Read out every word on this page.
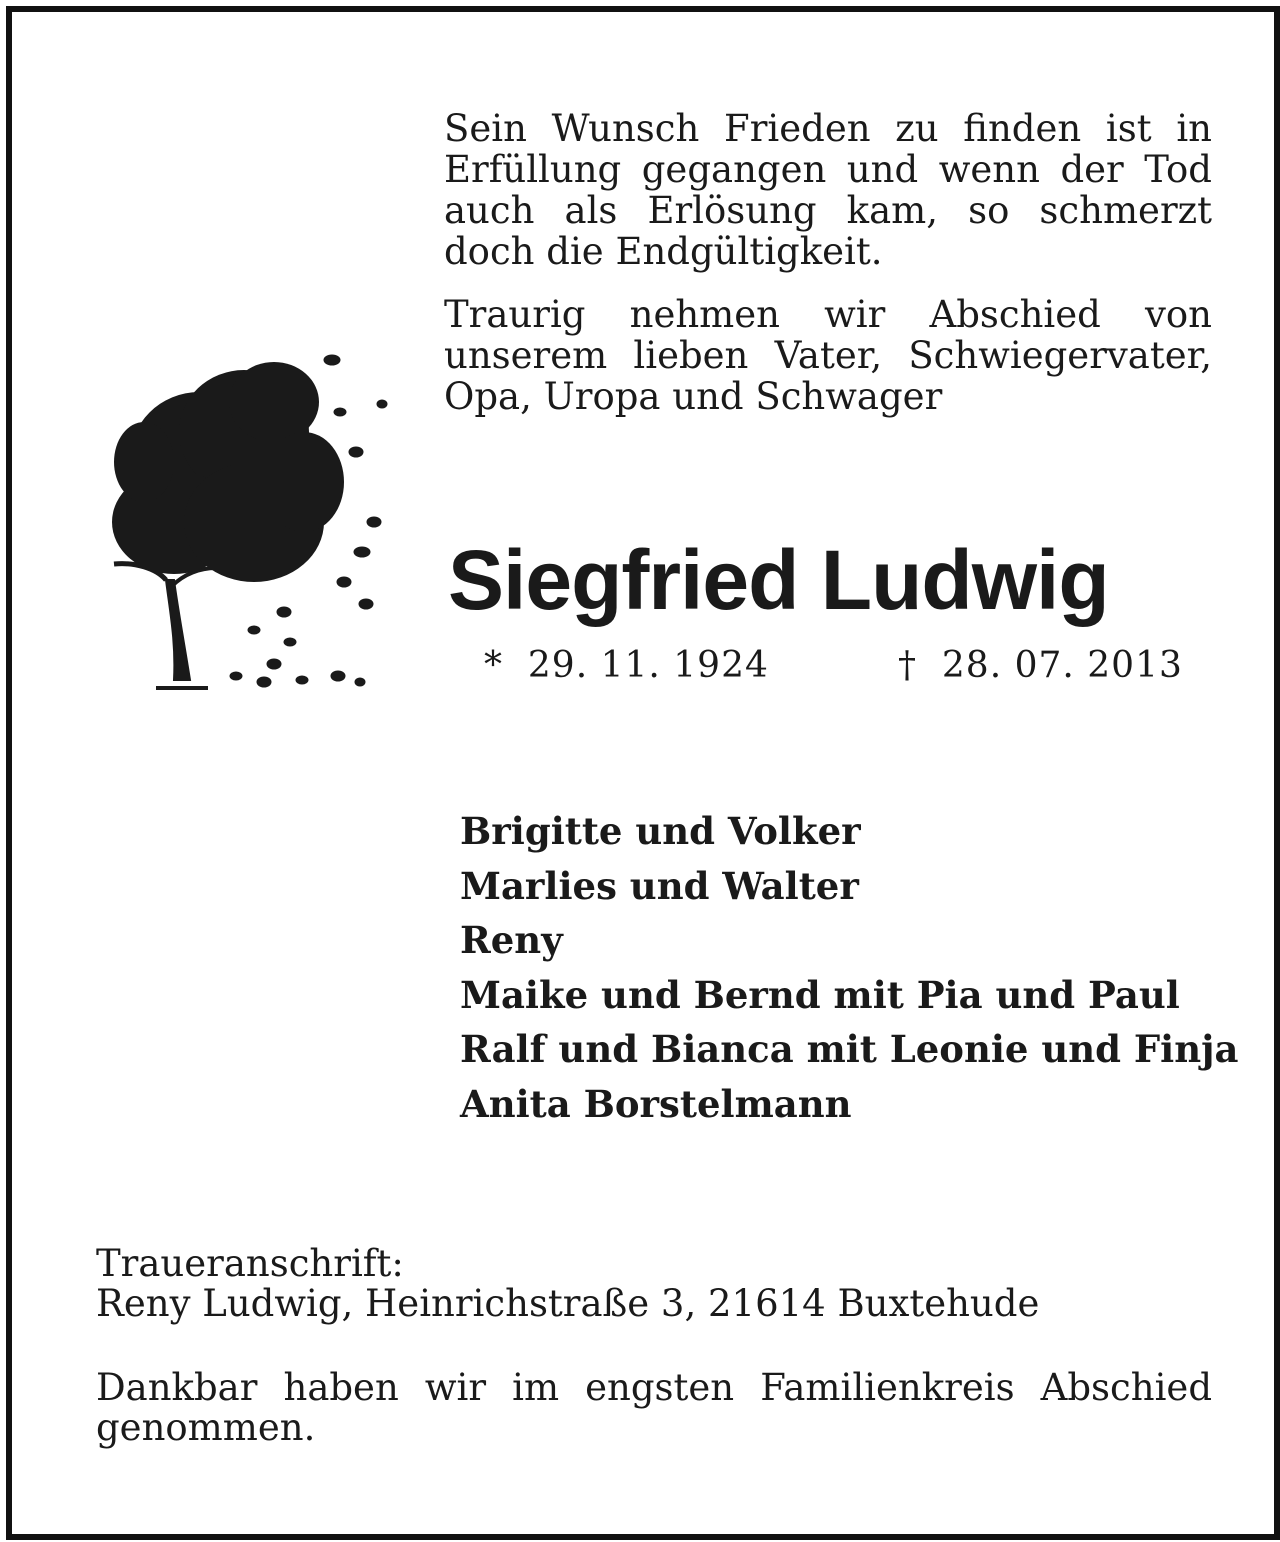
Sein Wunsch Frieden zu finden ist in Erfüllung gegangen und wenn der Tod auch als Erlösung kam, so schmerzt doch die Endgültigkeit.

Traurig nehmen wir Abschied von unserem lieben Vater, Schwiegervater, Opa, Uropa und Schwager

Siegfried Ludwig
* 29. 11. 1924	† 28. 07. 2013
Brigitte und Volker
Marlies und Walter
Reny
Maike und Bernd mit Pia und Paul
Ralf und Bianca mit Leonie und Finja
Anita Borstelmann
Traueranschrift:
Reny Ludwig, Heinrichstraße 3, 21614 Buxtehude
Dankbar haben wir im engsten Familienkreis Abschied genommen.
